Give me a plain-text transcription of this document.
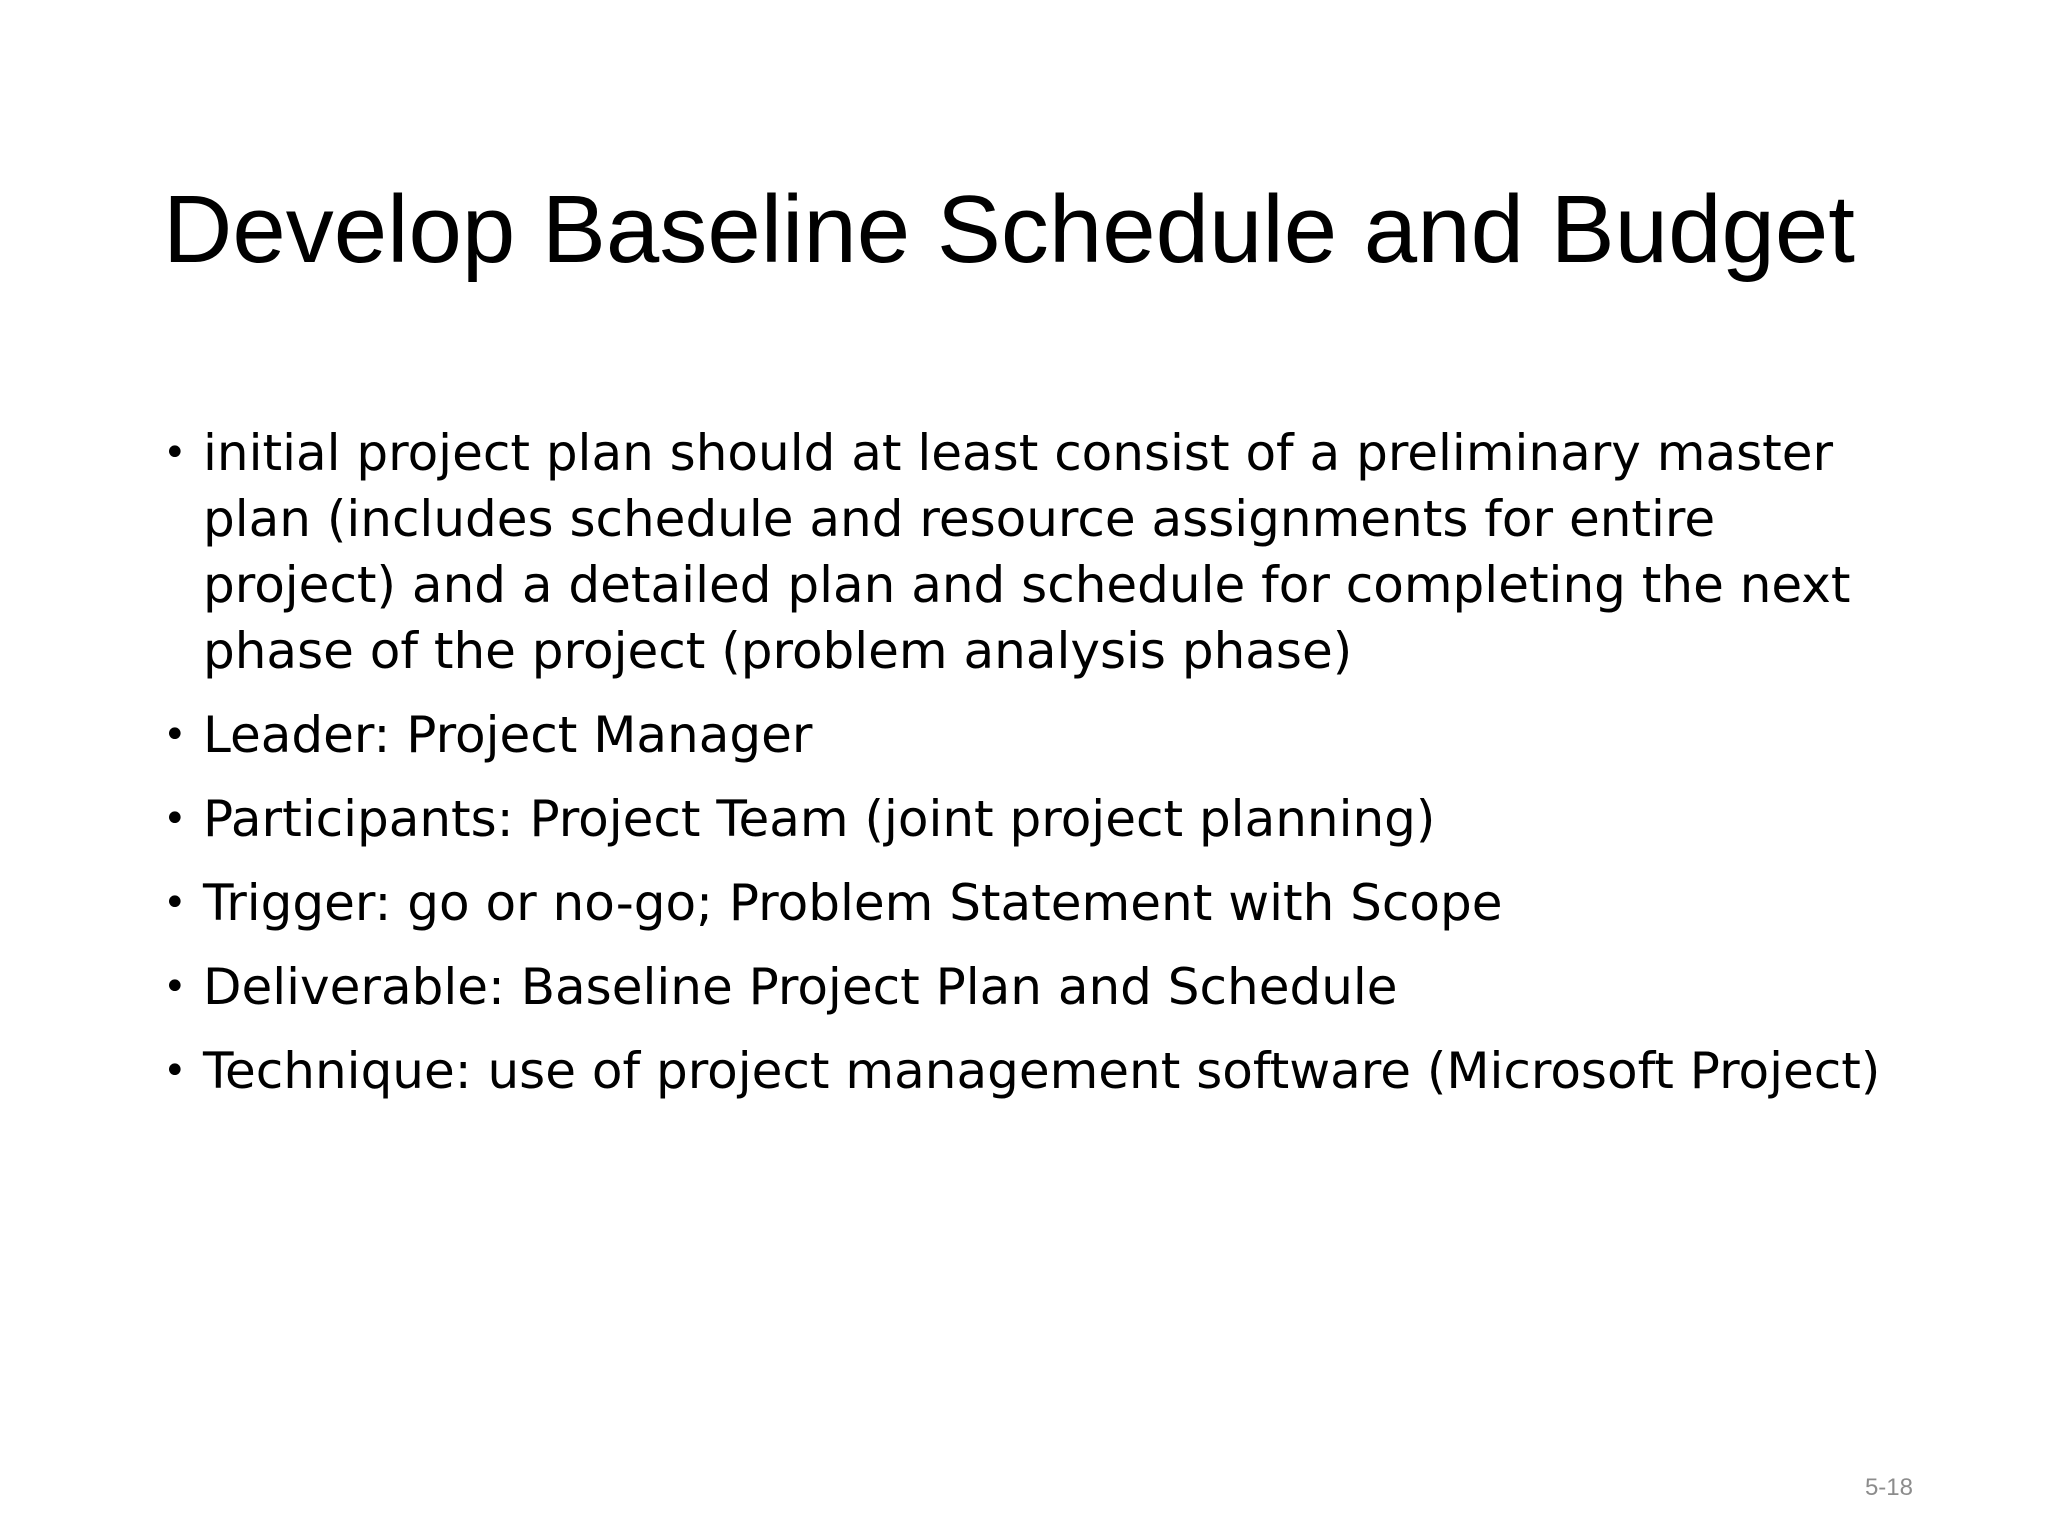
Develop Baseline Schedule and Budget
• initial project plan should at least consist of a preliminary master plan (includes schedule and resource assignments for entire project) and a detailed plan and schedule for completing the next phase of the project (problem analysis phase)
• Leader: Project Manager
• Participants: Project Team (joint project planning)
• Trigger: go or no-go; Problem Statement with Scope
• Deliverable: Baseline Project Plan and Schedule
• Technique: use of project management software (Microsoft Project)
5-18
